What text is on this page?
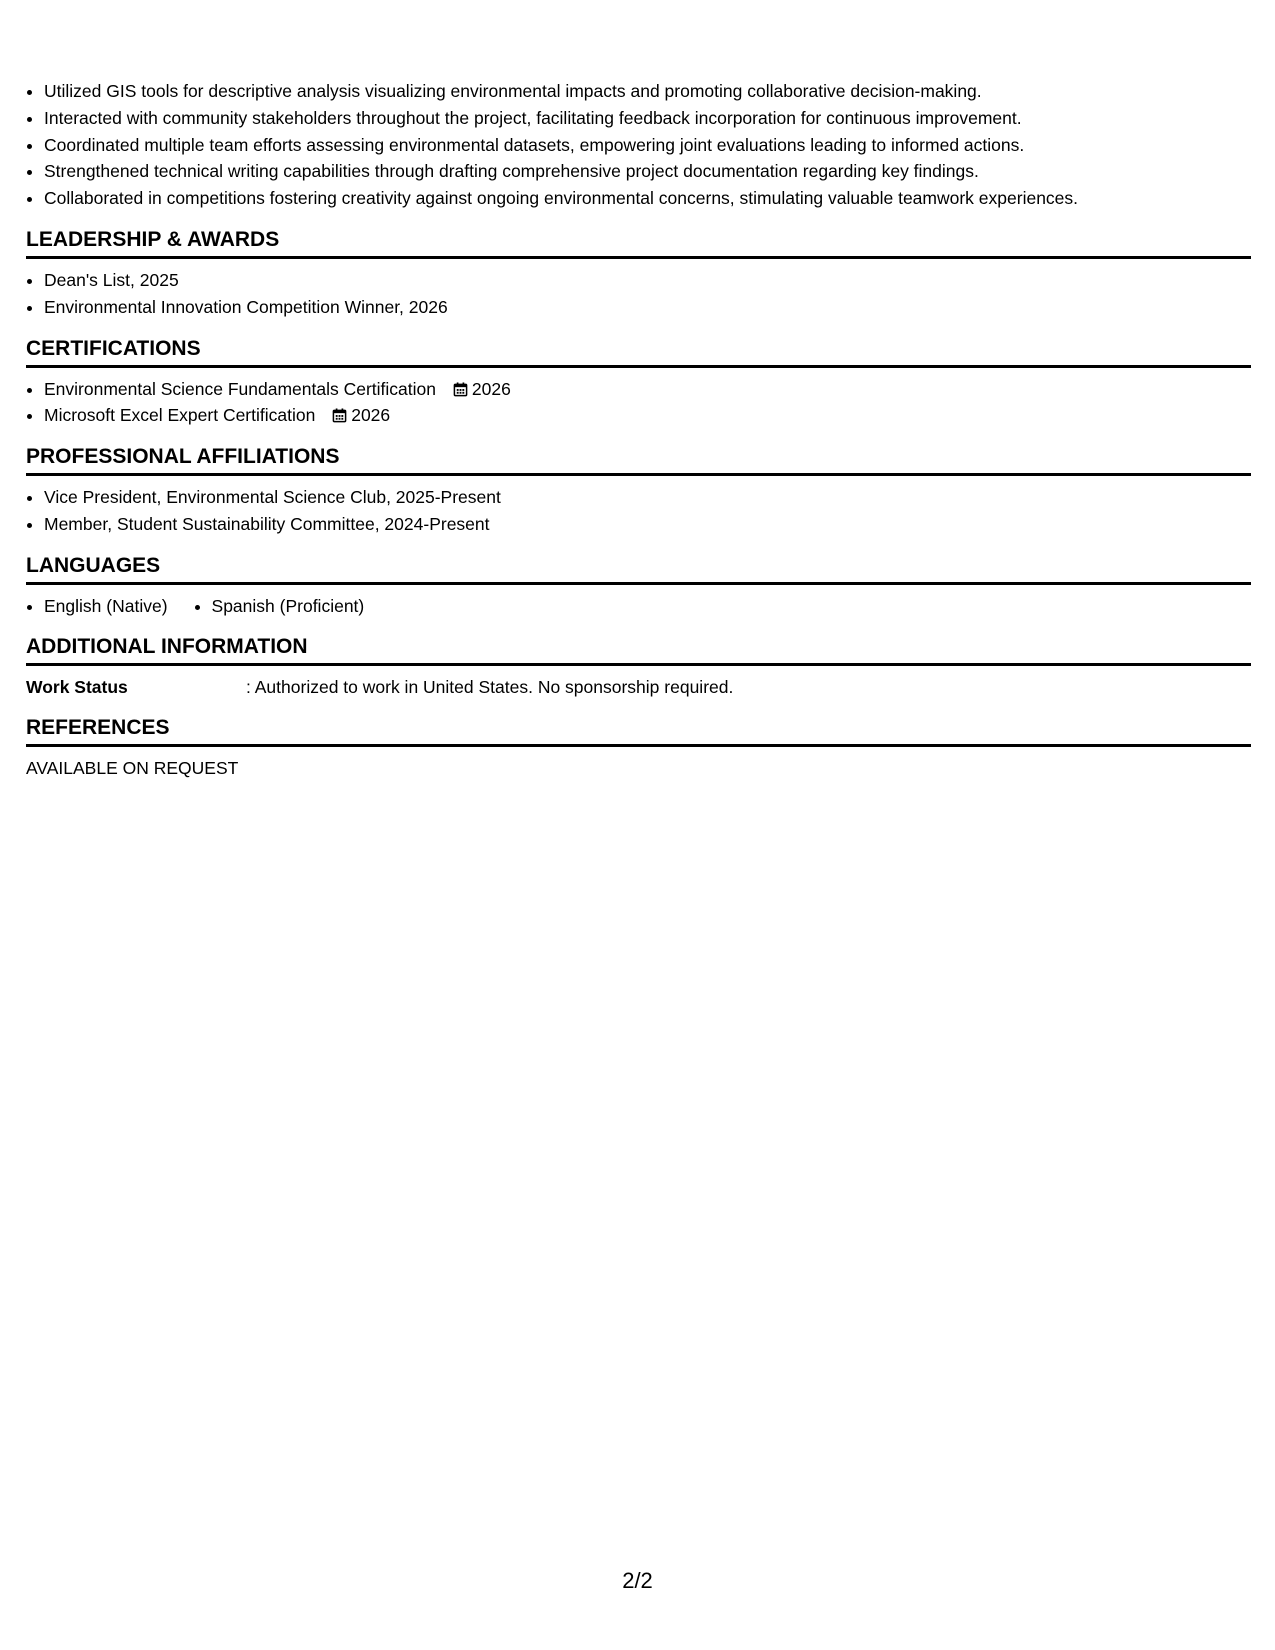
• Utilized GIS tools for descriptive analysis visualizing environmental impacts and promoting collaborative decision-making.
• Interacted with community stakeholders throughout the project, facilitating feedback incorporation for continuous improvement.
• Coordinated multiple team efforts assessing environmental datasets, empowering joint evaluations leading to informed actions.
• Strengthened technical writing capabilities through drafting comprehensive project documentation regarding key findings.
• Collaborated in competitions fostering creativity against ongoing environmental concerns, stimulating valuable teamwork experiences.
LEADERSHIP & AWARDS
• Dean's List, 2025
• Environmental Innovation Competition Winner, 2026
CERTIFICATIONS
• Environmental Science Fundamentals Certification 2026
• Microsoft Excel Expert Certification 2026
PROFESSIONAL AFFILIATIONS
• Vice President, Environmental Science Club, 2025-Present
• Member, Student Sustainability Committee, 2024-Present
LANGUAGES
• English (Native)
•	Spanish (Proficient)
ADDITIONAL INFORMATION
Work Status	: Authorized to work in United States. No sponsorship required.
REFERENCES
AVAILABLE ON REQUEST
2/2
